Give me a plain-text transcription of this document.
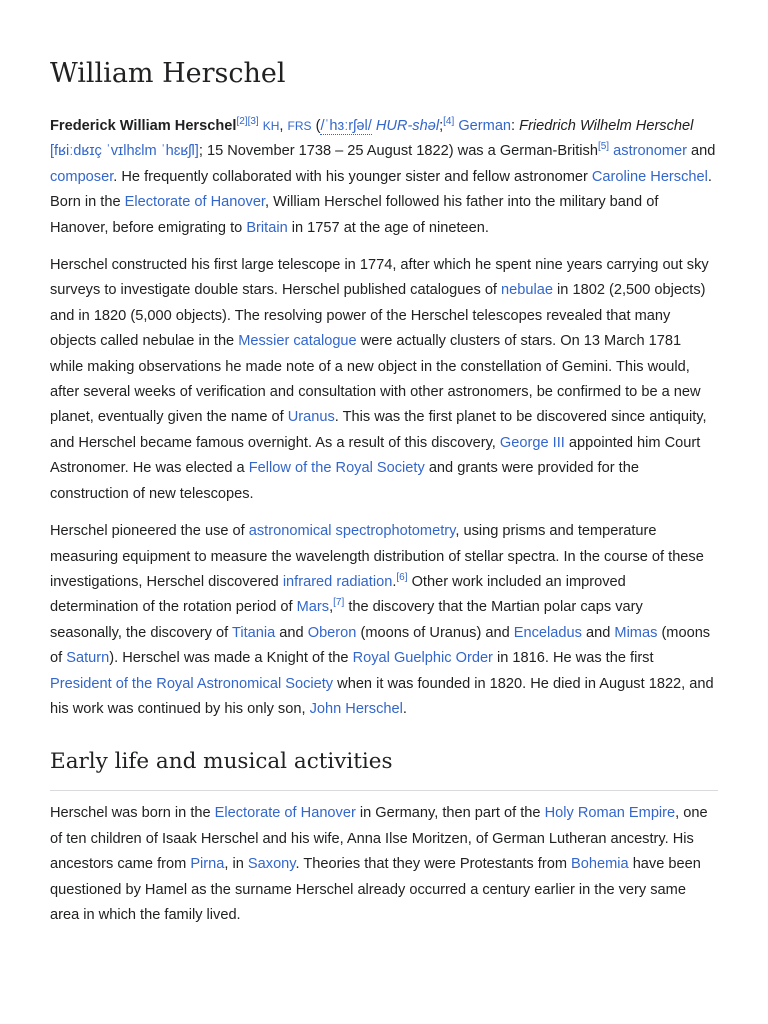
William Herschel

Frederick William Herschel[2][3] KH, FRS (/ˈhɜːrʃəl/ HUR-shəl;[4] German: Friedrich Wilhelm Herschel [fʁiːdʁɪç ˈvɪlhɛlm ˈhɛʁʃl]; 15 November 1738 – 25 August 1822) was a German-British[5] astronomer and composer. He frequently collaborated with his younger sister and fellow astronomer Caroline Herschel. Born in the Electorate of Hanover, William Herschel followed his father into the military band of Hanover, before emigrating to Britain in 1757 at the age of nineteen.

Herschel constructed his first large telescope in 1774, after which he spent nine years carrying out sky surveys to investigate double stars. Herschel published catalogues of nebulae in 1802 (2,500 objects) and in 1820 (5,000 objects). The resolving power of the Herschel telescopes revealed that many objects called nebulae in the Messier catalogue were actually clusters of stars. On 13 March 1781 while making observations he made note of a new object in the constellation of Gemini. This would, after several weeks of verification and consultation with other astronomers, be confirmed to be a new planet, eventually given the name of Uranus. This was the first planet to be discovered since antiquity, and Herschel became famous overnight. As a result of this discovery, George III appointed him Court Astronomer. He was elected a Fellow of the Royal Society and grants were provided for the construction of new telescopes.

Herschel pioneered the use of astronomical spectrophotometry, using prisms and temperature measuring equipment to measure the wavelength distribution of stellar spectra. In the course of these investigations, Herschel discovered infrared radiation.[6] Other work included an improved determination of the rotation period of Mars,[7] the discovery that the Martian polar caps vary seasonally, the discovery of Titania and Oberon (moons of Uranus) and Enceladus and Mimas (moons of Saturn). Herschel was made a Knight of the Royal Guelphic Order in 1816. He was the first President of the Royal Astronomical Society when it was founded in 1820. He died in August 1822, and his work was continued by his only son, John Herschel.

Early life and musical activities

Herschel was born in the Electorate of Hanover in Germany, then part of the Holy Roman Empire, one of ten children of Isaak Herschel and his wife, Anna Ilse Moritzen, of German Lutheran ancestry. His ancestors came from Pirna, in Saxony. Theories that they were Protestants from Bohemia have been questioned by Hamel as the surname Herschel already occurred a century earlier in the very same area in which the family lived.
